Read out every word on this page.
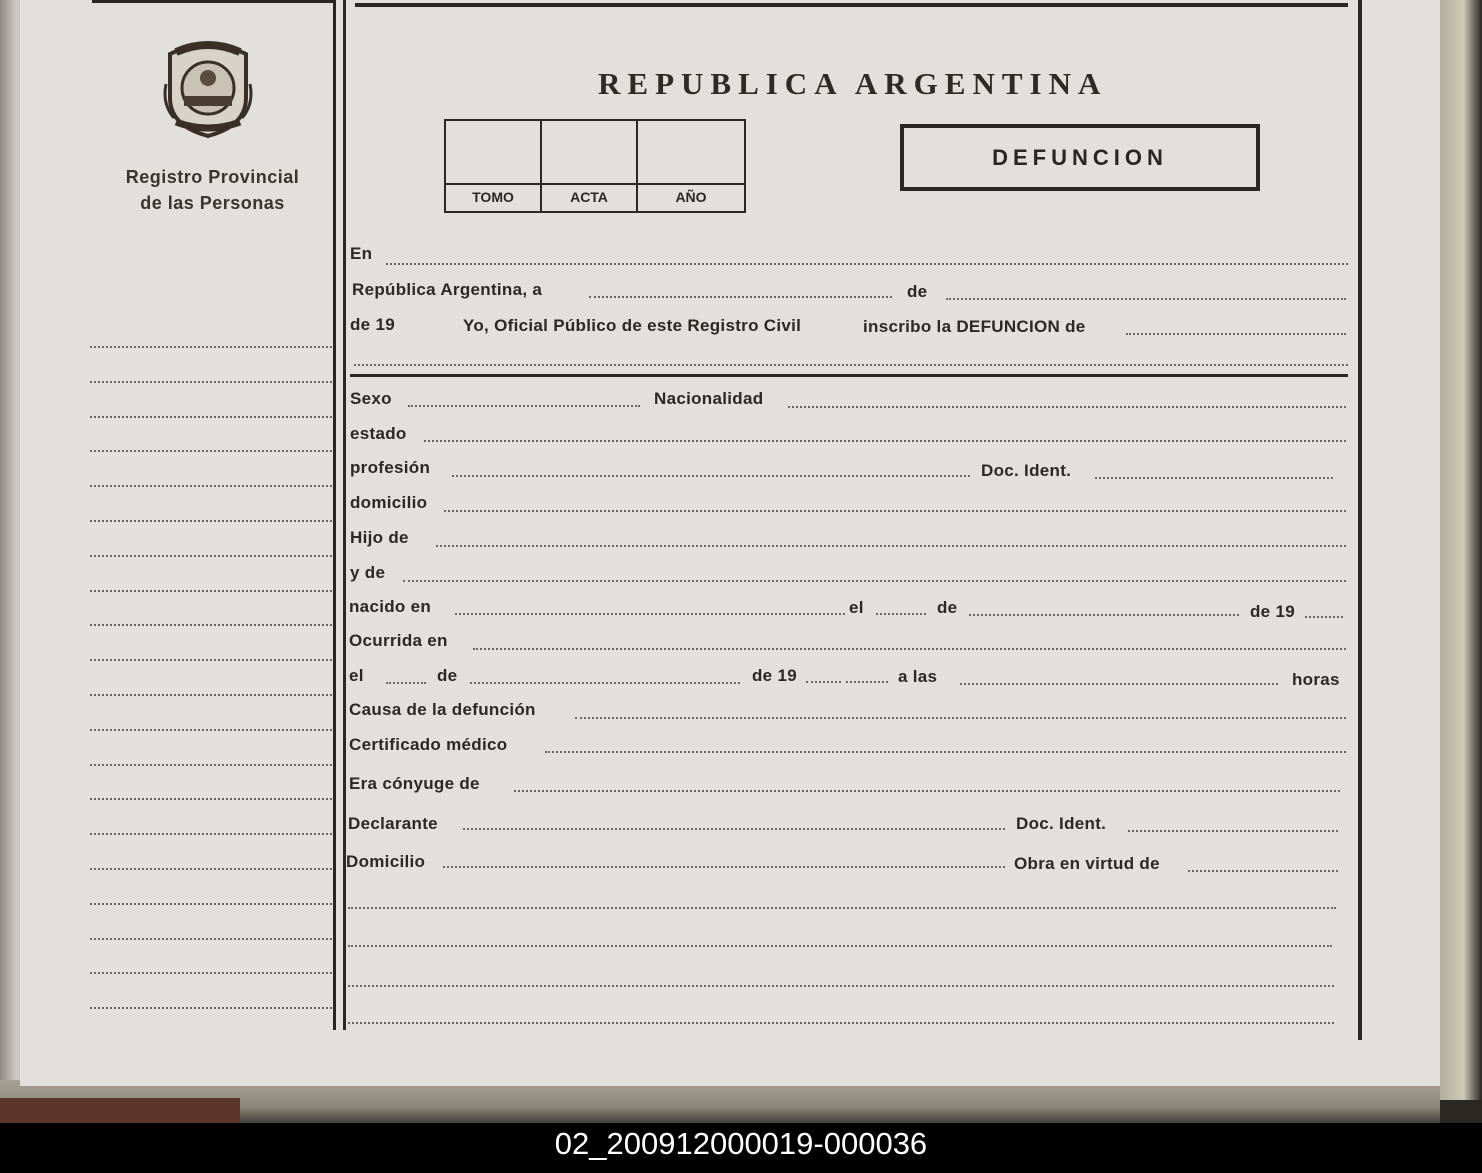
Registro Provincial
de las Personas
REPUBLICA ARGENTINA
TOMO	ACTA	AÑO
DEFUNCION
En
República Argentina, a	de
de 19	Yo, Oficial Público de este Registro Civil	inscribo la DEFUNCION de
Sexo	Nacionalidad
estado
profesión	Doc. Ident.
domicilio
Hijo de
y de
nacido en	el	de	de 19
Ocurrida en
el	de	de 19	a las	horas
Causa de la defunción
Certificado médico
Era cónyuge de
Declarante	Doc. Ident.
Domicilio	Obra en virtud de
02_200912000019-000036
